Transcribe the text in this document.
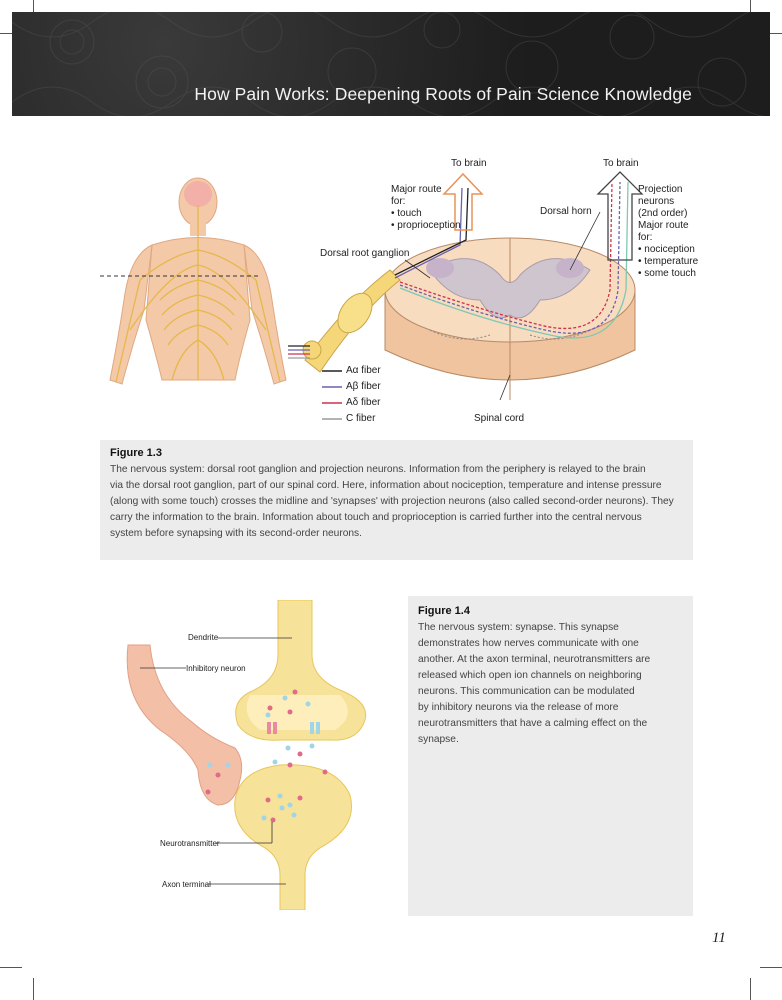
How Pain Works: Deepening Roots of Pain Science Knowledge
To brain	To brain
Major route
for:
• touch
• proprioception
Dorsal horn
Projection
neurons
(2nd order)
Major route
for:
• nociception
• temperature
• some touch
Dorsal root ganglion
Spinal cord
Aα fiber
Aβ fiber
Aδ fiber
C fiber
Figure 1.3
The nervous system: dorsal root ganglion and projection neurons. Information from the periphery is relayed to the brain
via the dorsal root ganglion, part of our spinal cord. Here, information about nociception, temperature and intense pressure
(along with some touch) crosses the midline and 'synapses' with projection neurons (also called second-order neurons). They
carry the information to the brain. Information about touch and proprioception is carried further into the central nervous
system before synapsing with its second-order neurons.
Dendrite
Inhibitory neuron
Neurotransmitter
Axon terminal
Figure 1.4
The nervous system: synapse. This synapse
demonstrates how nerves communicate with one
another. At the axon terminal, neurotransmitters are
released which open ion channels on neighboring
neurons. This communication can be modulated
by inhibitory neurons via the release of more
neurotransmitters that have a calming effect on the
synapse.
11
